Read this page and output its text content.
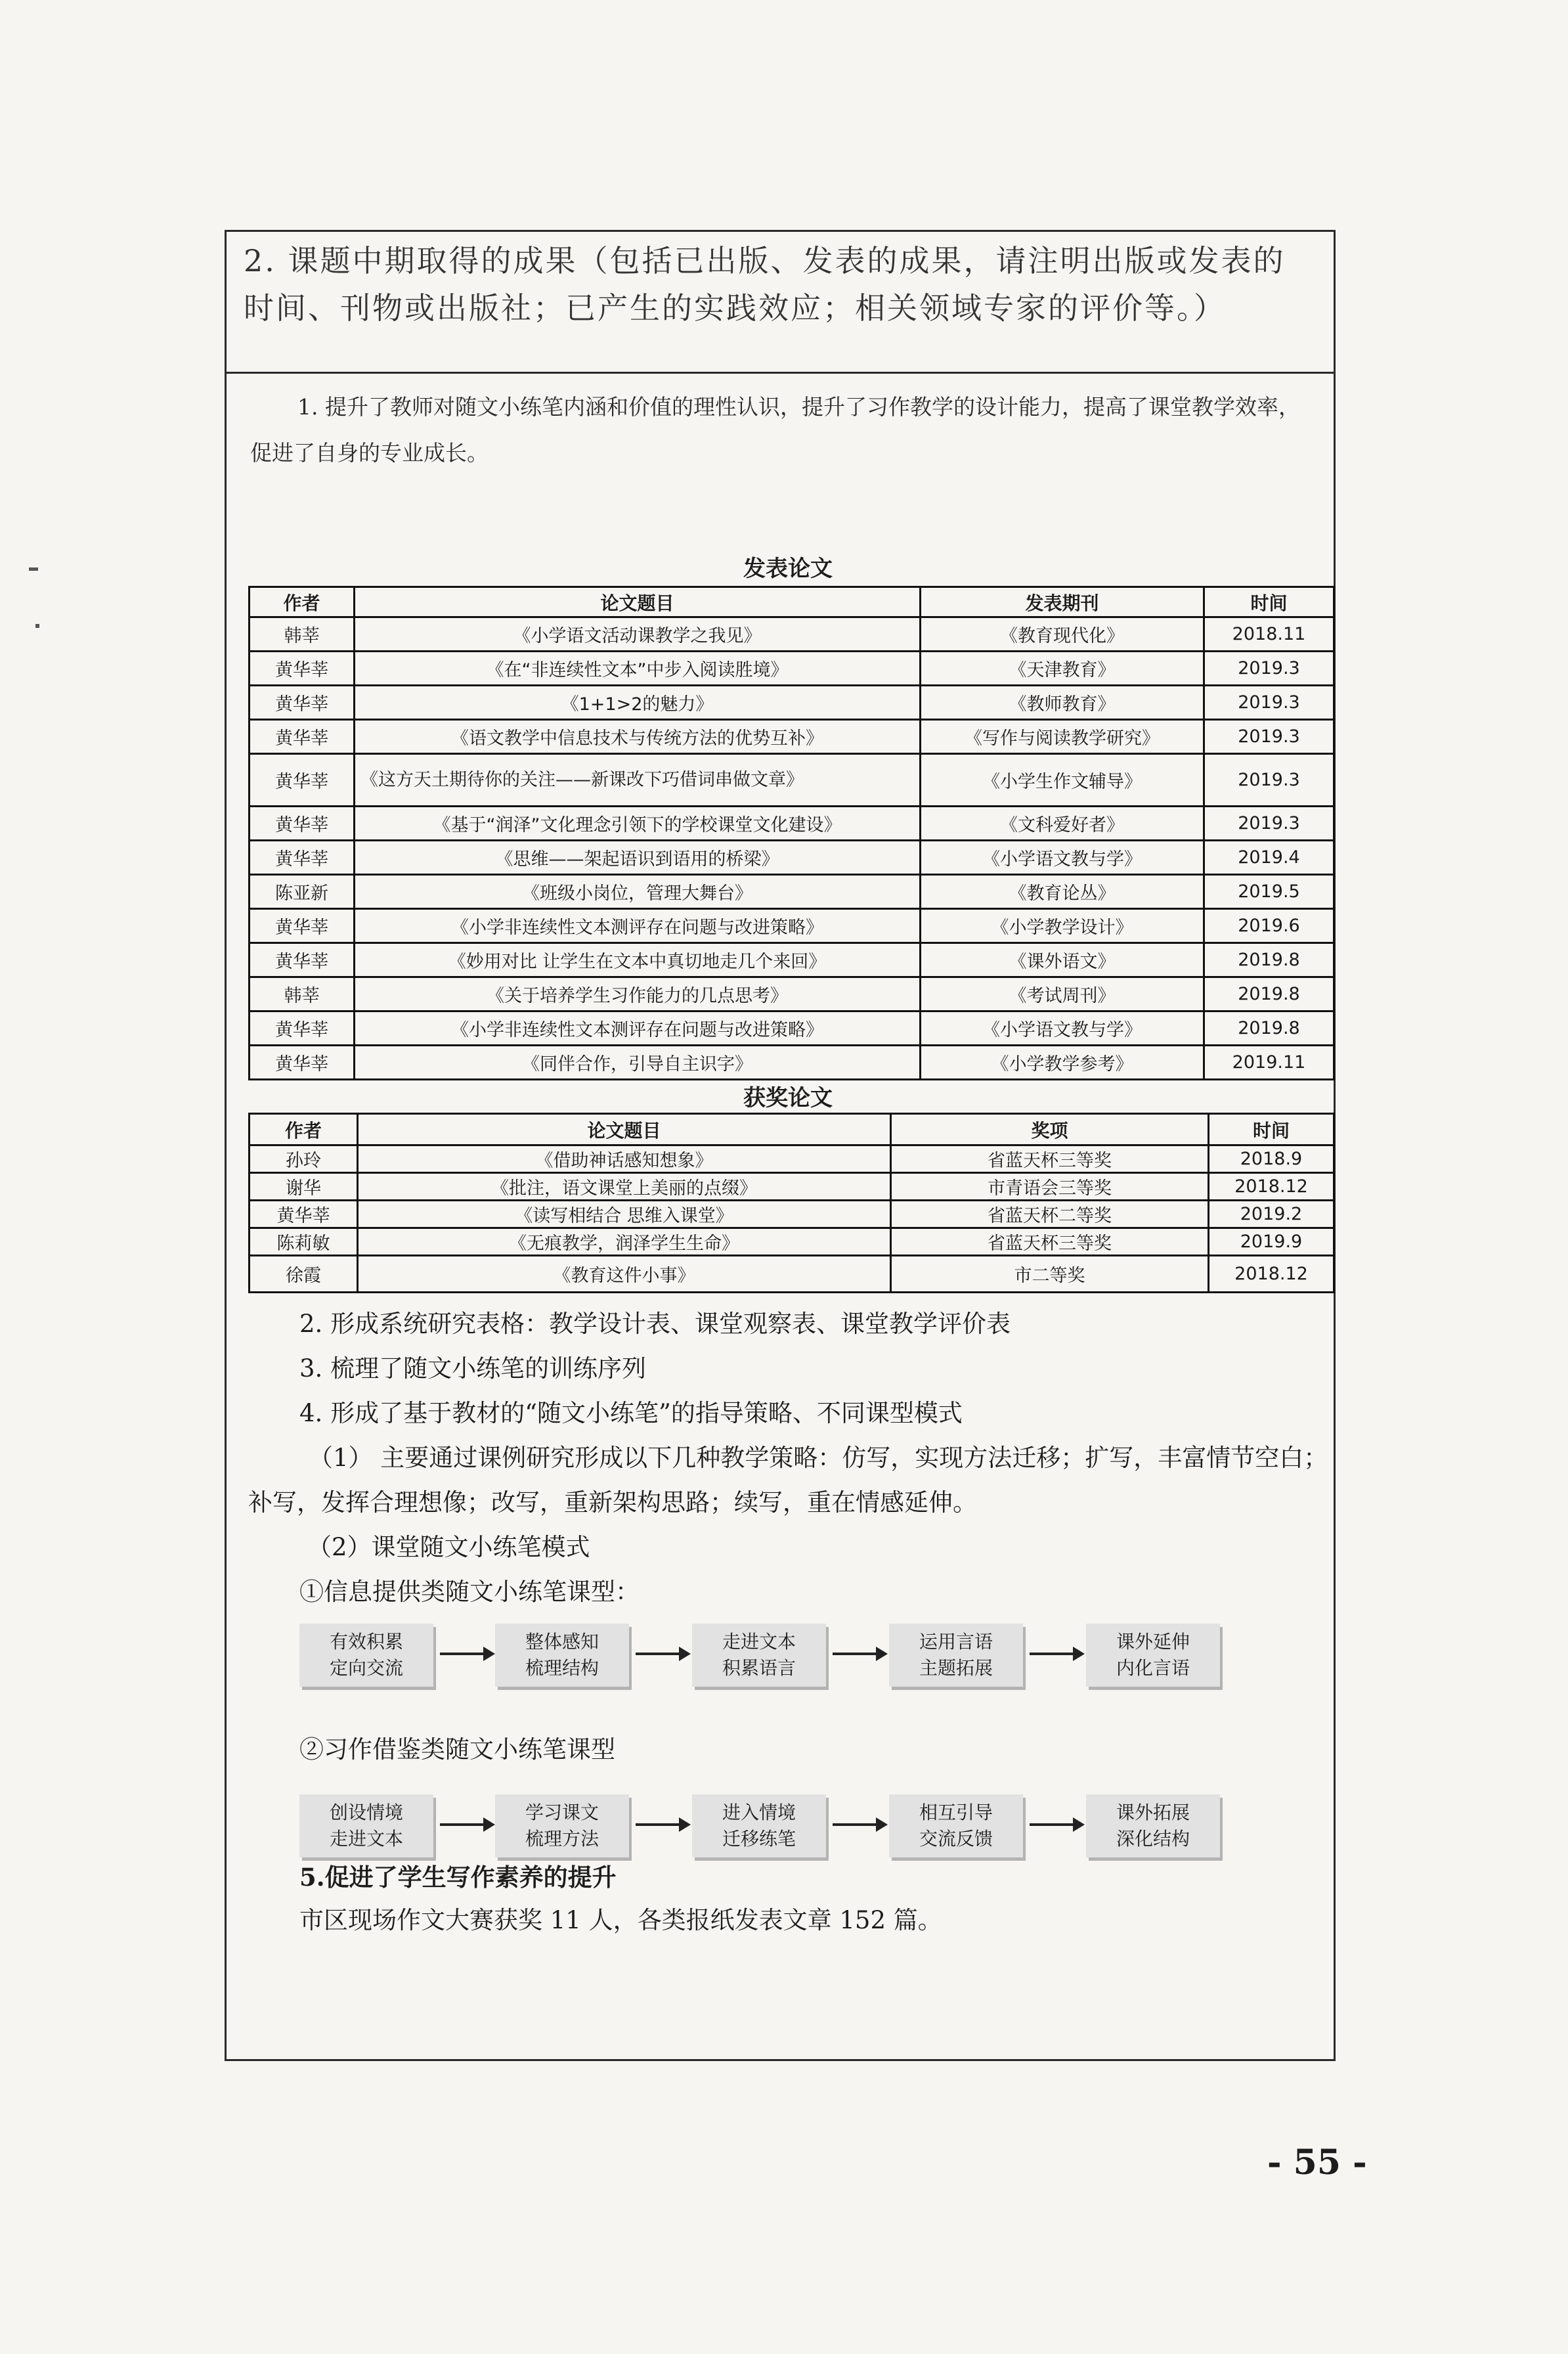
2. 课题中期取得的成果（包括已出版、发表的成果，请注明出版或发表的时间、刊物或出版社；已产生的实践效应；相关领域专家的评价等。）
1. 提升了教师对随文小练笔内涵和价值的理性认识，提升了习作教学的设计能力，提高了课堂教学效率，促进了自身的专业成长。
发表论文
作者	论文题目	发表期刊	时间
韩莘	《小学语文活动课教学之我见》	《教育现代化》	2018.11
黄华莘	《在“非连续性文本”中步入阅读胜境》	《天津教育》	2019.3
黄华莘	《1+1>2的魅力》	《教师教育》	2019.3
黄华莘	《语文教学中信息技术与传统方法的优势互补》	《写作与阅读教学研究》	2019.3
黄华莘	《这方天土期待你的关注——新课改下巧借词串做文章》	《小学生作文辅导》	2019.3
黄华莘	《基于“润泽”文化理念引领下的学校课堂文化建设》	《文科爱好者》	2019.3
黄华莘	《思维——架起语识到语用的桥梁》	《小学语文教与学》	2019.4
陈亚新	《班级小岗位，管理大舞台》	《教育论丛》	2019.5
黄华莘	《小学非连续性文本测评存在问题与改进策略》	《小学教学设计》	2019.6
黄华莘	《妙用对比 让学生在文本中真切地走几个来回》	《课外语文》	2019.8
韩莘	《关于培养学生习作能力的几点思考》	《考试周刊》	2019.8
黄华莘	《小学非连续性文本测评存在问题与改进策略》	《小学语文教与学》	2019.8
黄华莘	《同伴合作，引导自主识字》	《小学教学参考》	2019.11
获奖论文
作者	论文题目	奖项	时间
孙玲	《借助神话感知想象》	省蓝天杯三等奖	2018.9
谢华	《批注，语文课堂上美丽的点缀》	市青语会三等奖	2018.12
黄华莘	《读写相结合 思维入课堂》	省蓝天杯二等奖	2019.2
陈莉敏	《无痕教学，润泽学生生命》	省蓝天杯三等奖	2019.9
徐霞	《教育这件小事》	市二等奖	2018.12
2. 形成系统研究表格：教学设计表、课堂观察表、课堂教学评价表
3. 梳理了随文小练笔的训练序列
4. 形成了基于教材的“随文小练笔”的指导策略、不同课型模式
（1） 主要通过课例研究形成以下几种教学策略：仿写，实现方法迁移；扩写，丰富情节空白；补写，发挥合理想像；改写，重新架构思路；续写，重在情感延伸。
（2）课堂随文小练笔模式
①信息提供类随文小练笔课型：
有效积累
定向交流
整体感知
梳理结构
走进文本
积累语言
运用言语
主题拓展
课外延伸
内化言语
②习作借鉴类随文小练笔课型
创设情境
走进文本
学习课文
梳理方法
进入情境
迁移练笔
相互引导
交流反馈
课外拓展
深化结构
5.促进了学生写作素养的提升
市区现场作文大赛获奖 11 人，各类报纸发表文章 152 篇。
- 55 -
